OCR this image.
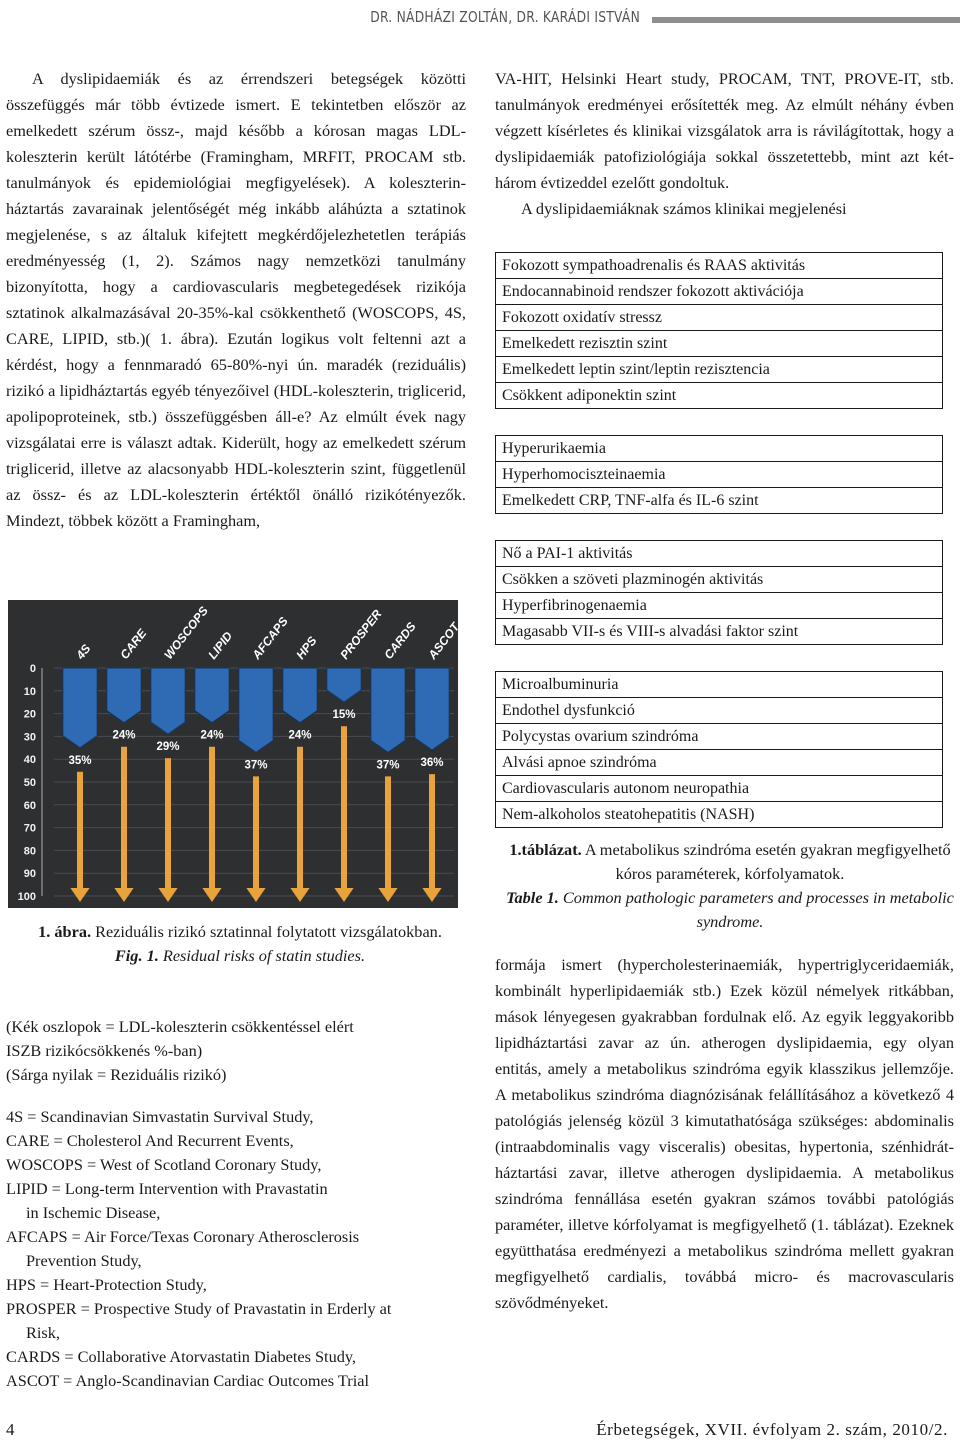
DR. NÁDHÁZI ZOLTÁN, DR. KARÁDI ISTVÁN

A dyslipidaemiák és az érrendszeri betegségek közötti összefüggés már több évtizede ismert. E tekintetben először az emelkedett szérum össz-, majd később a kórosan magas LDL-koleszterin került látótérbe (Framingham, MRFIT, PROCAM stb. tanulmányok és epidemiológiai megfigyelések). A koleszterin-háztartás zavarainak jelentőségét még inkább aláhúzta a sztatinok megjelenése, s az általuk kifejtett megkérdőjelezhetetlen terápiás eredményesség (1, 2). Számos nagy nemzetközi tanulmány bizonyította, hogy a cardiovascularis megbetegedések rizikója sztatinok alkalmazásával 20-35%-kal csökkenthető (WOSCOPS, 4S, CARE, LIPID, stb.)( 1. ábra). Ezután logikus volt feltenni azt a kérdést, hogy a fennmaradó 65-80%-nyi ún. maradék (reziduális) rizikó a lipidháztartás egyéb tényezőivel (HDL-koleszterin, triglicerid, apolipoproteinek, stb.) összefüggésben áll-e? Az elmúlt évek nagy vizsgálatai erre is választ adtak. Kiderült, hogy az emelkedett szérum triglicerid, illetve az alacsonyabb HDL-koleszterin szint, függetlenül az össz- és az LDL-koleszterin értéktől önálló rizikótényezők. Mindezt, többek között a Framingham,

VA-HIT, Helsinki Heart study, PROCAM, TNT, PROVE-IT, stb. tanulmányok eredményei erősítették meg. Az elmúlt néhány évben végzett kísérletes és klinikai vizsgálatok arra is rávilágítottak, hogy a dyslipidaemiák patofiziológiája sokkal összetettebb, mint azt két-három évtizeddel ezelőtt gondoltuk.

A dyslipidaemiáknak számos klinikai megjelenési

0
10
20
30
40
50
60
70
80
90
100
4S CARE WOSCOPS
LIPID AFCAPS HPS PROSPER
CARDS ASCOT
35%
24%
29%
24%
37%
24%
15%
37% 36%
1. ábra. Reziduális rizikó sztatinnal folytatott vizsgálatokban.
Fig. 1. Residual risks of statin studies.
(Kék oszlopok = LDL-koleszterin csökkentéssel elért
ISZB rizikócsökkenés %-ban)
(Sárga nyilak = Reziduális rizikó)
4S = Scandinavian Simvastatin Survival Study,
CARE = Cholesterol And Recurrent Events,
WOSCOPS = West of Scotland Coronary Study,
LIPID = Long-term Intervention with Pravastatin
in Ischemic Disease,
AFCAPS = Air Force/Texas Coronary Atherosclerosis
Prevention Study,
HPS = Heart-Protection Study,
PROSPER = Prospective Study of Pravastatin in Erderly at
Risk,
CARDS = Collaborative Atorvastatin Diabetes Study,
ASCOT = Anglo-Scandinavian Cardiac Outcomes Trial
Fokozott sympathoadrenalis és RAAS aktivitás
Endocannabinoid rendszer fokozott aktivációja
Fokozott oxidatív stressz
Emelkedett rezisztin szint
Emelkedett leptin szint/leptin rezisztencia
Csökkent adiponektin szint
Hyperurikaemia
Hyperhomociszteinaemia
Emelkedett CRP, TNF-alfa és IL-6 szint
Nő a PAI-1 aktivitás
Csökken a szöveti plazminogén aktivitás
Hyperfibrinogenaemia
Magasabb VII-s és VIII-s alvadási faktor szint
Microalbuminuria
Endothel dysfunkció
Polycystas ovarium szindróma
Alvási apnoe szindróma
Cardiovascularis autonom neuropathia
Nem-alkoholos steatohepatitis (NASH)
1.táblázat. A metabolikus szindróma esetén gyakran megfigyelhető kóros paraméterek, kórfolyamatok.
Table 1. Common pathologic parameters and processes in metabolic syndrome.

formája ismert (hypercholesterinaemiák, hypertriglyceridaemiák, kombinált hyperlipidaemiák stb.) Ezek közül némelyek ritkábban, mások lényegesen gyakrabban fordulnak elő. Az egyik leggyakoribb lipidháztartási zavar az ún. atherogen dyslipidaemia, egy olyan entitás, amely a metabolikus szindróma egyik klasszikus jellemzője. A metabolikus szindróma diagnózisának felállításához a következő 4 patológiás jelenség közül 3 kimutathatósága szükséges: abdominalis (intraabdominalis vagy visceralis) obesitas, hypertonia, szénhidrát-háztartási zavar, illetve atherogen dyslipidaemia. A metabolikus szindróma fennállása esetén gyakran számos további patológiás paraméter, illetve kórfolyamat is megfigyelhető (1. táblázat). Ezeknek együtthatása eredményezi a metabolikus szindróma mellett gyakran megfigyelhető cardialis, továbbá micro- és macrovascularis szövődményeket.

4	Érbetegségek, XVII. évfolyam 2. szám, 2010/2.
